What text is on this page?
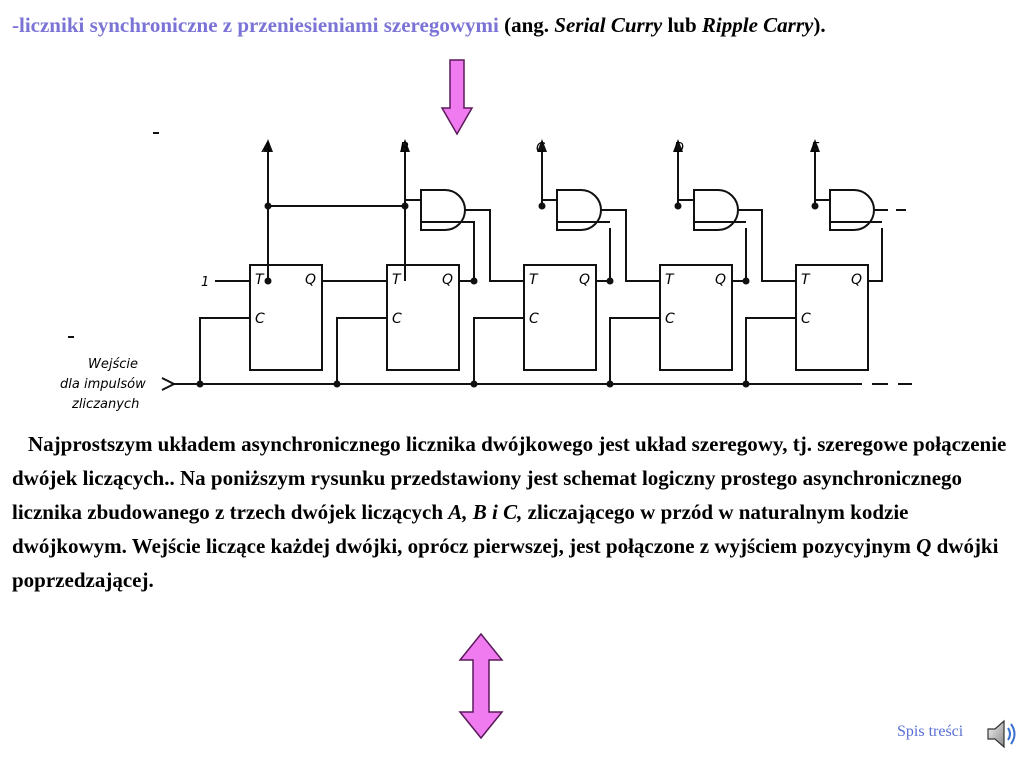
-liczniki synchroniczne z przeniesieniami szeregowymi (ang. Serial Curry lub Ripple Carry).
A	B	C	D	E
1	T	Q
C
T	Q
C
T	Q
C
T	Q
C
T	Q
C
Wejście
dla impulsów
zliczanych
Najprostszym układem asynchronicznego licznika dwójkowego jest układ szeregowy, tj. szeregowe połączenie dwójek liczących.. Na poniższym rysunku przedstawiony jest schemat logiczny prostego asynchronicznego licznika zbudowanego z trzech dwójek liczących A, B i C, zliczającego w przód w naturalnym kodzie dwójkowym. Wejście liczące każdej dwójki, oprócz pierwszej, jest połączone z wyjściem pozycyjnym Q dwójki poprzedzającej.
Spis treści
